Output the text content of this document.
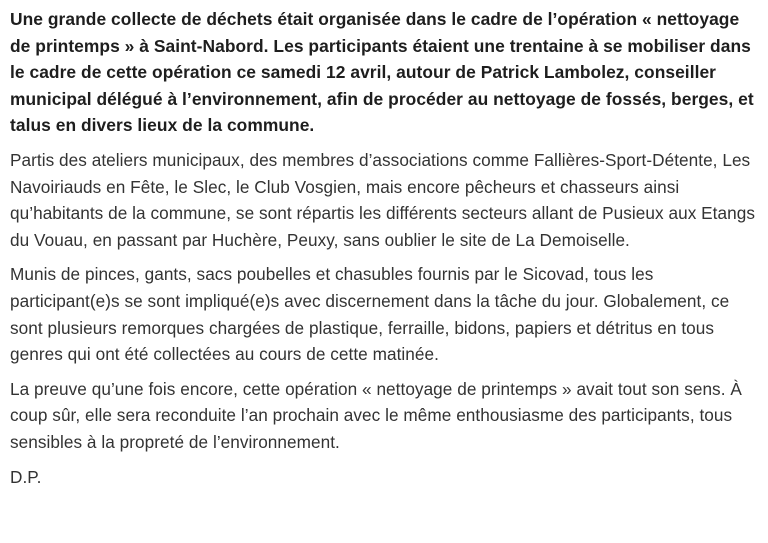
Une grande collecte de déchets était organisée dans le cadre de l’opération « nettoyage de printemps » à Saint-Nabord. Les participants étaient une trentaine à se mobiliser dans le cadre de cette opération ce samedi 12 avril, autour de Patrick Lambolez, conseiller municipal délégué à l’environnement, afin de procéder au nettoyage de fossés, berges, et talus en divers lieux de la commune.

Partis des ateliers municipaux, des membres d’associations comme Fallières-Sport-Détente, Les Navoiriauds en Fête, le Slec, le Club Vosgien, mais encore pêcheurs et chasseurs ainsi qu’habitants de la commune, se sont répartis les différents secteurs allant de Pusieux aux Etangs du Vouau, en passant par Huchère, Peuxy, sans oublier le site de La Demoiselle.

Munis de pinces, gants, sacs poubelles et chasubles fournis par le Sicovad, tous les participant(e)s se sont impliqué(e)s avec discernement dans la tâche du jour. Globalement, ce sont plusieurs remorques chargées de plastique, ferraille, bidons, papiers et détritus en tous genres qui ont été collectées au cours de cette matinée.

La preuve qu’une fois encore, cette opération « nettoyage de printemps » avait tout son sens. À coup sûr, elle sera reconduite l’an prochain avec le même enthousiasme des participants, tous sensibles à la propreté de l’environnement.

D.P.
